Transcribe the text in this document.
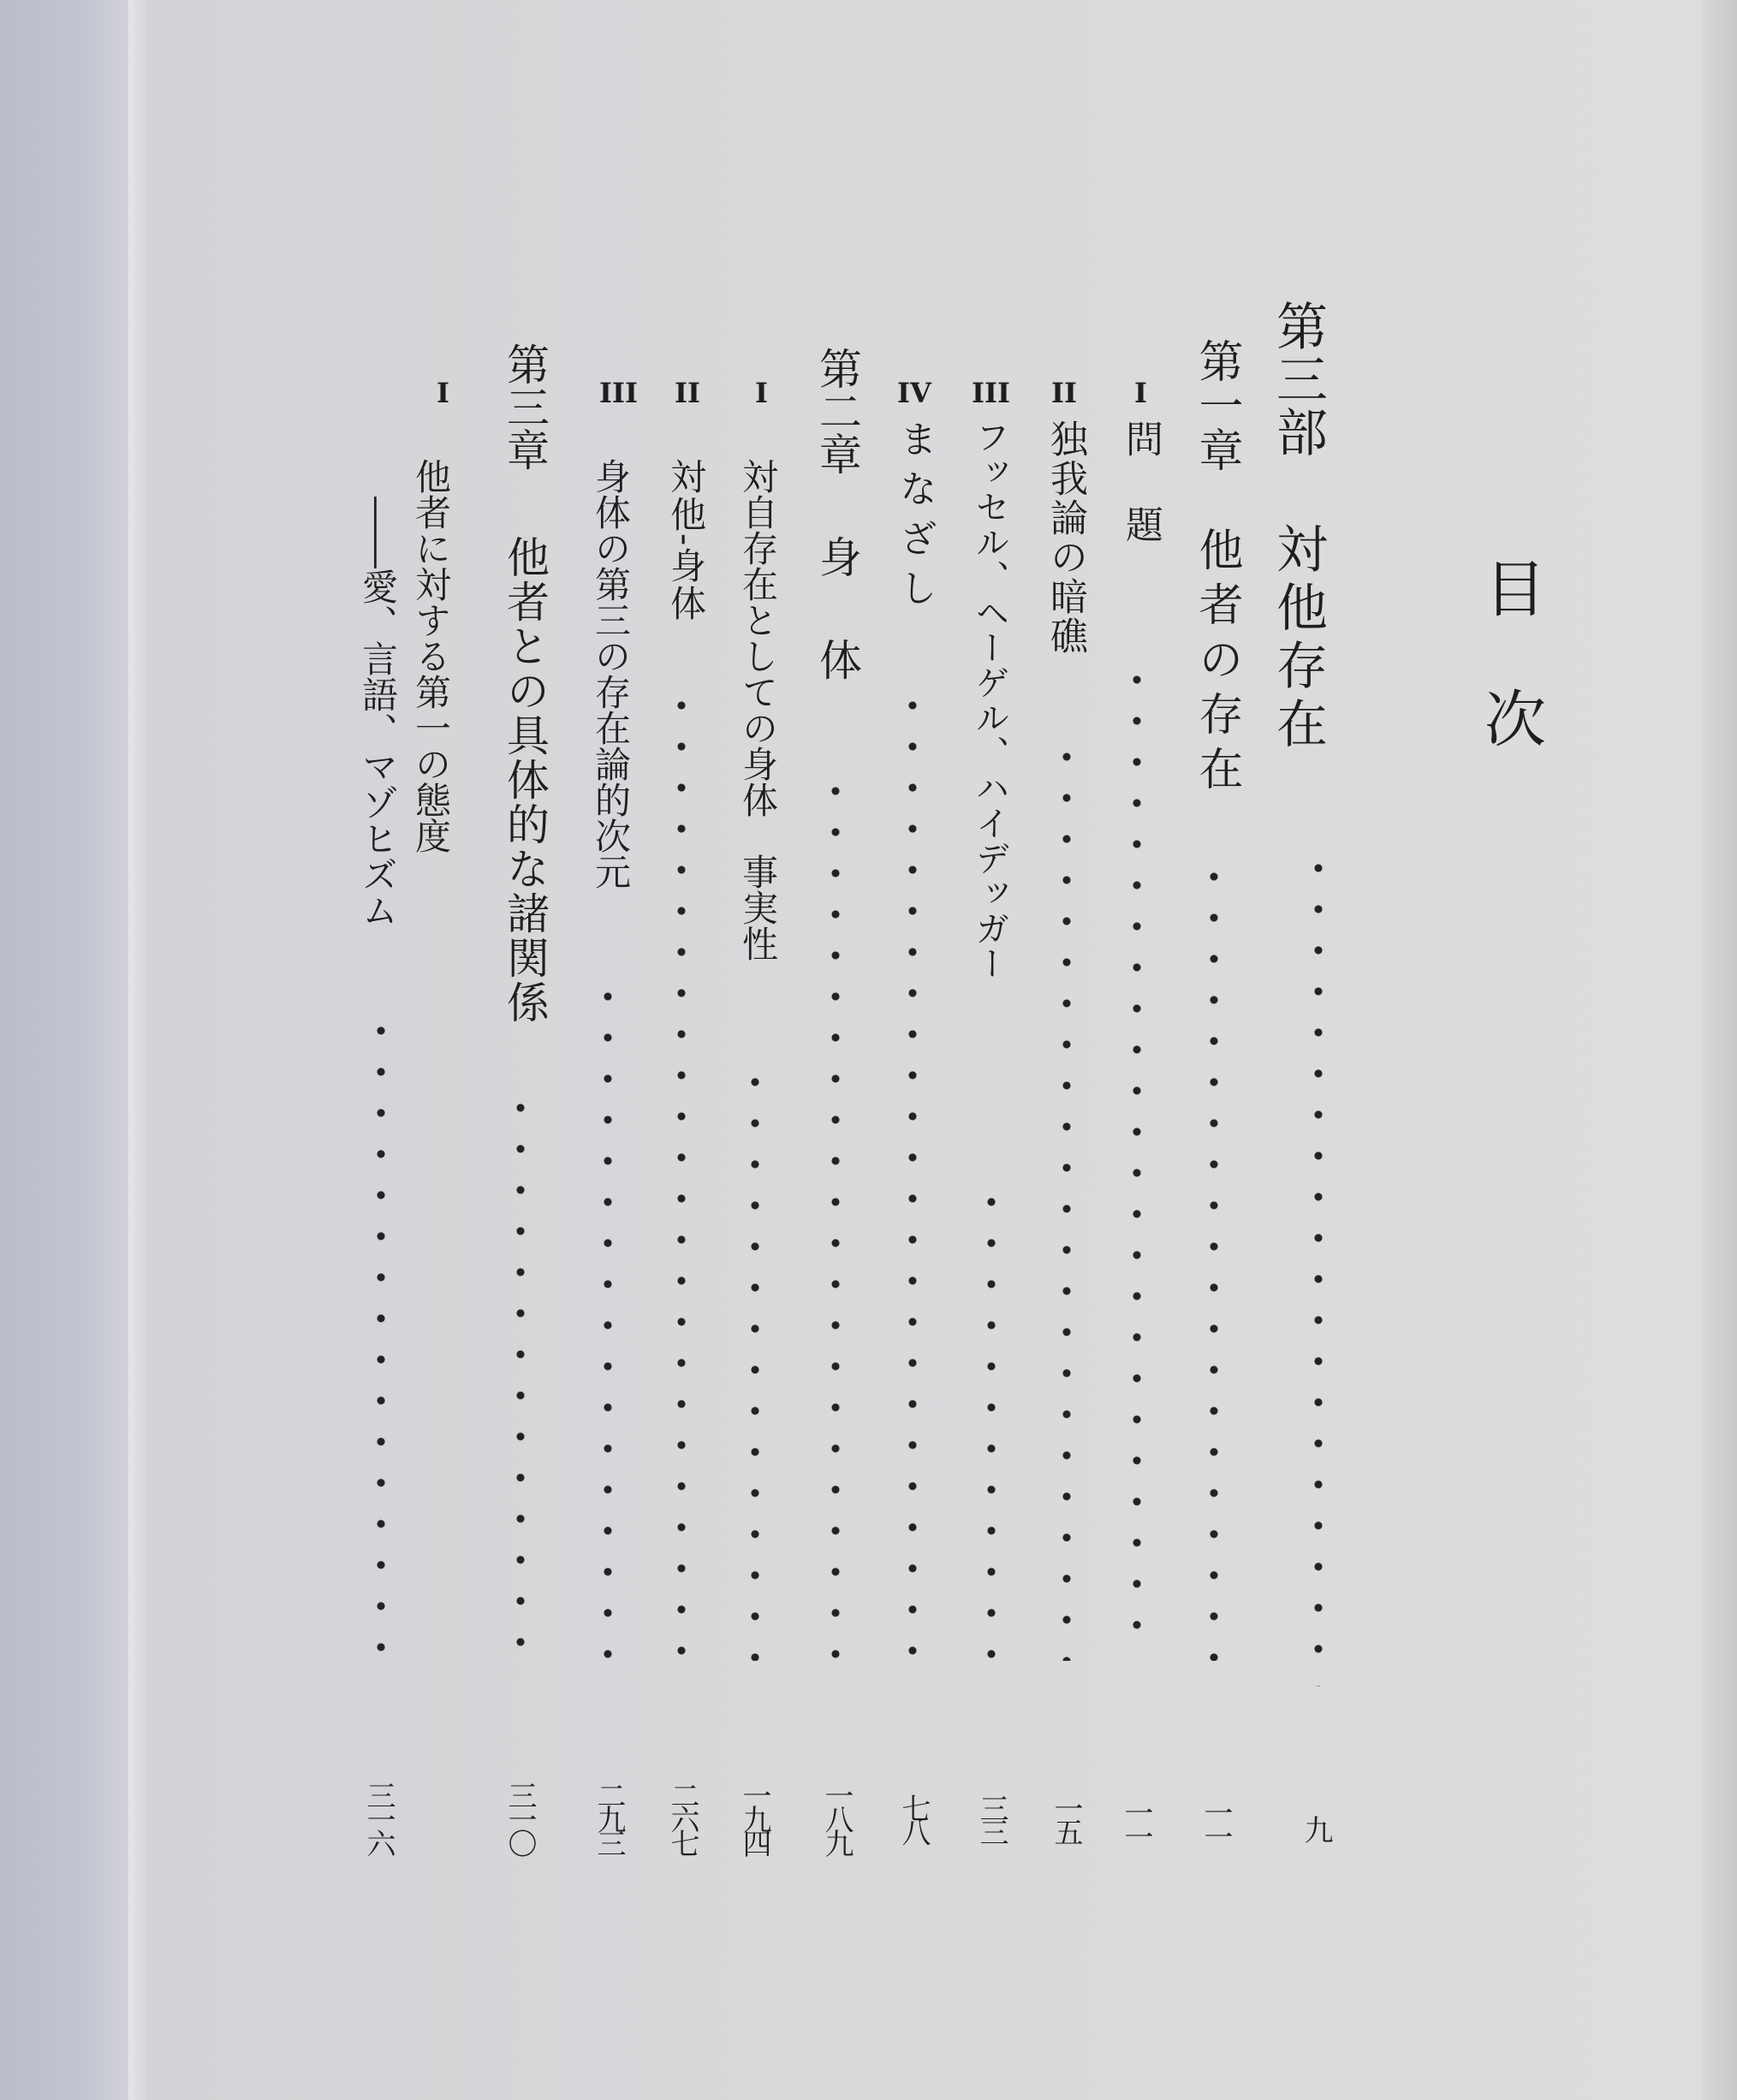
目次
第三部
対他存在
九
第一章
他者の存在
一一
I
問　題
一一
II
独我論の暗礁
一五
III
フッセル、ヘーゲル、ハイデッガー
三三
IV
まなざし
七八
第二章
身　体
一八九
I
対自存在としての身体　事実性
一九四
II
対他‐身体
二六七
III
身体の第三の存在論的次元
二九三
第三章
他者との具体的な諸関係
三一〇
I
他者に対する第一の態度
――愛、言語、マゾヒズム
三一六
